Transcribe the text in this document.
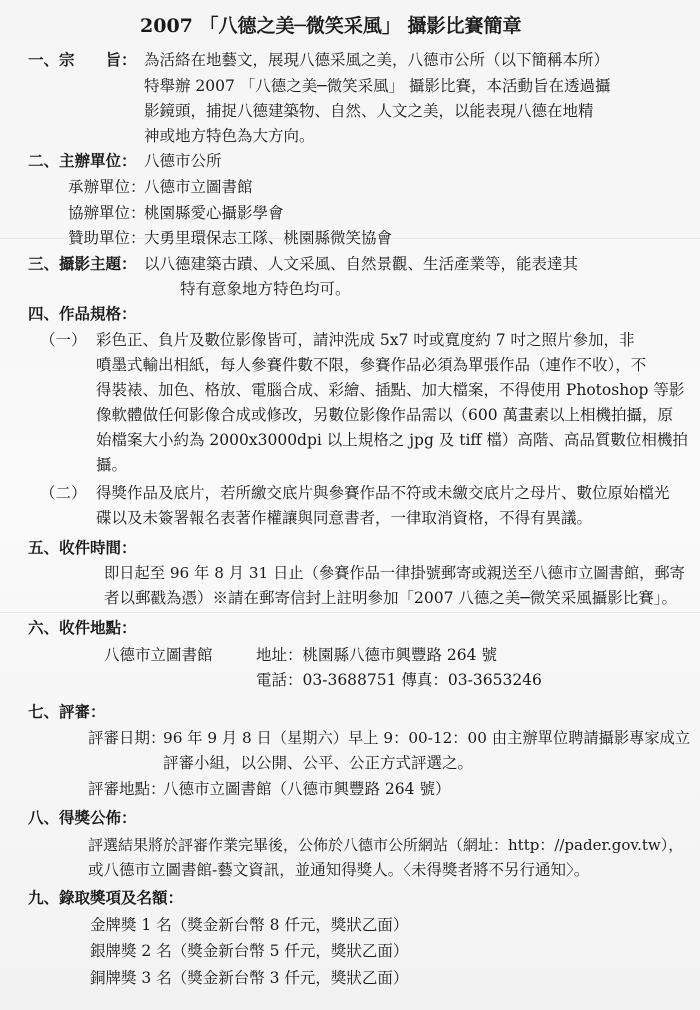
2007 「八德之美─微笑采風」 攝影比賽簡章
一、宗　　旨： 為活絡在地藝文，展現八德采風之美，八德市公所（以下簡稱本所）
特舉辦 2007 「八德之美─微笑采風」 攝影比賽，本活動旨在透過攝
影鏡頭，捕捉八德建築物、自然、人文之美，以能表現八德在地精
神或地方特色為大方向。
二、主辦單位： 八德市公所
承辦單位：
八德市立圖書館
協辦單位：
桃園縣愛心攝影學會
贊助單位：
大勇里環保志工隊、桃園縣微笑協會
三、攝影主題： 以八德建築古蹟、人文采風、自然景觀、生活產業等，能表達其
特有意象地方特色均可。
四、作品規格：
（一） 彩色正、負片及數位影像皆可，請沖洗成 5x7 吋或寬度約 7 吋之照片參加，非
噴墨式輸出相紙，每人參賽件數不限，參賽作品必須為單張作品（連作不收），不
得裝裱、加色、格放、電腦合成、彩繪、插點、加大檔案，不得使用 Photoshop 等影
像軟體做任何影像合成或修改，另數位影像作品需以（600 萬畫素以上相機拍攝，原
始檔案大小約為 2000x3000dpi 以上規格之 jpg 及 tiff 檔）高階、高品質數位相機拍
攝。
（二） 得獎作品及底片，若所繳交底片與參賽作品不符或未繳交底片之母片、數位原始檔光
碟以及未簽署報名表著作權讓與同意書者，一律取消資格，不得有異議。
五、收件時間：
即日起至 96 年 8 月 31 日止（參賽作品一律掛號郵寄或親送至八德市立圖書館，郵寄
者以郵戳為憑）※請在郵寄信封上註明參加「2007 八德之美─微笑采風攝影比賽」。
六、收件地點：
八德市立圖書館	地址：桃園縣八德市興豐路 264 號
電話：03-3688751 傳真：03-3653246
七、評審：
評審日期：
96 年 9 月 8 日（星期六）早上 9：00-12：00 由主辦單位聘請攝影專家成立
評審小組，以公開、公平、公正方式評選之。
評審地點：
八德市立圖書館（八德市興豐路 264 號）
八、得獎公佈：
評選結果將於評審作業完畢後，公佈於八德市公所網站（網址：http：//pader.gov.tw），
或八德市立圖書館-藝文資訊，並通知得獎人。〈未得獎者將不另行通知〉。
九、錄取獎項及名額：
金牌獎 1 名（獎金新台幣 8 仟元，獎狀乙面）
銀牌獎 2 名（獎金新台幣 5 仟元，獎狀乙面）
銅牌獎 3 名（獎金新台幣 3 仟元，獎狀乙面）
